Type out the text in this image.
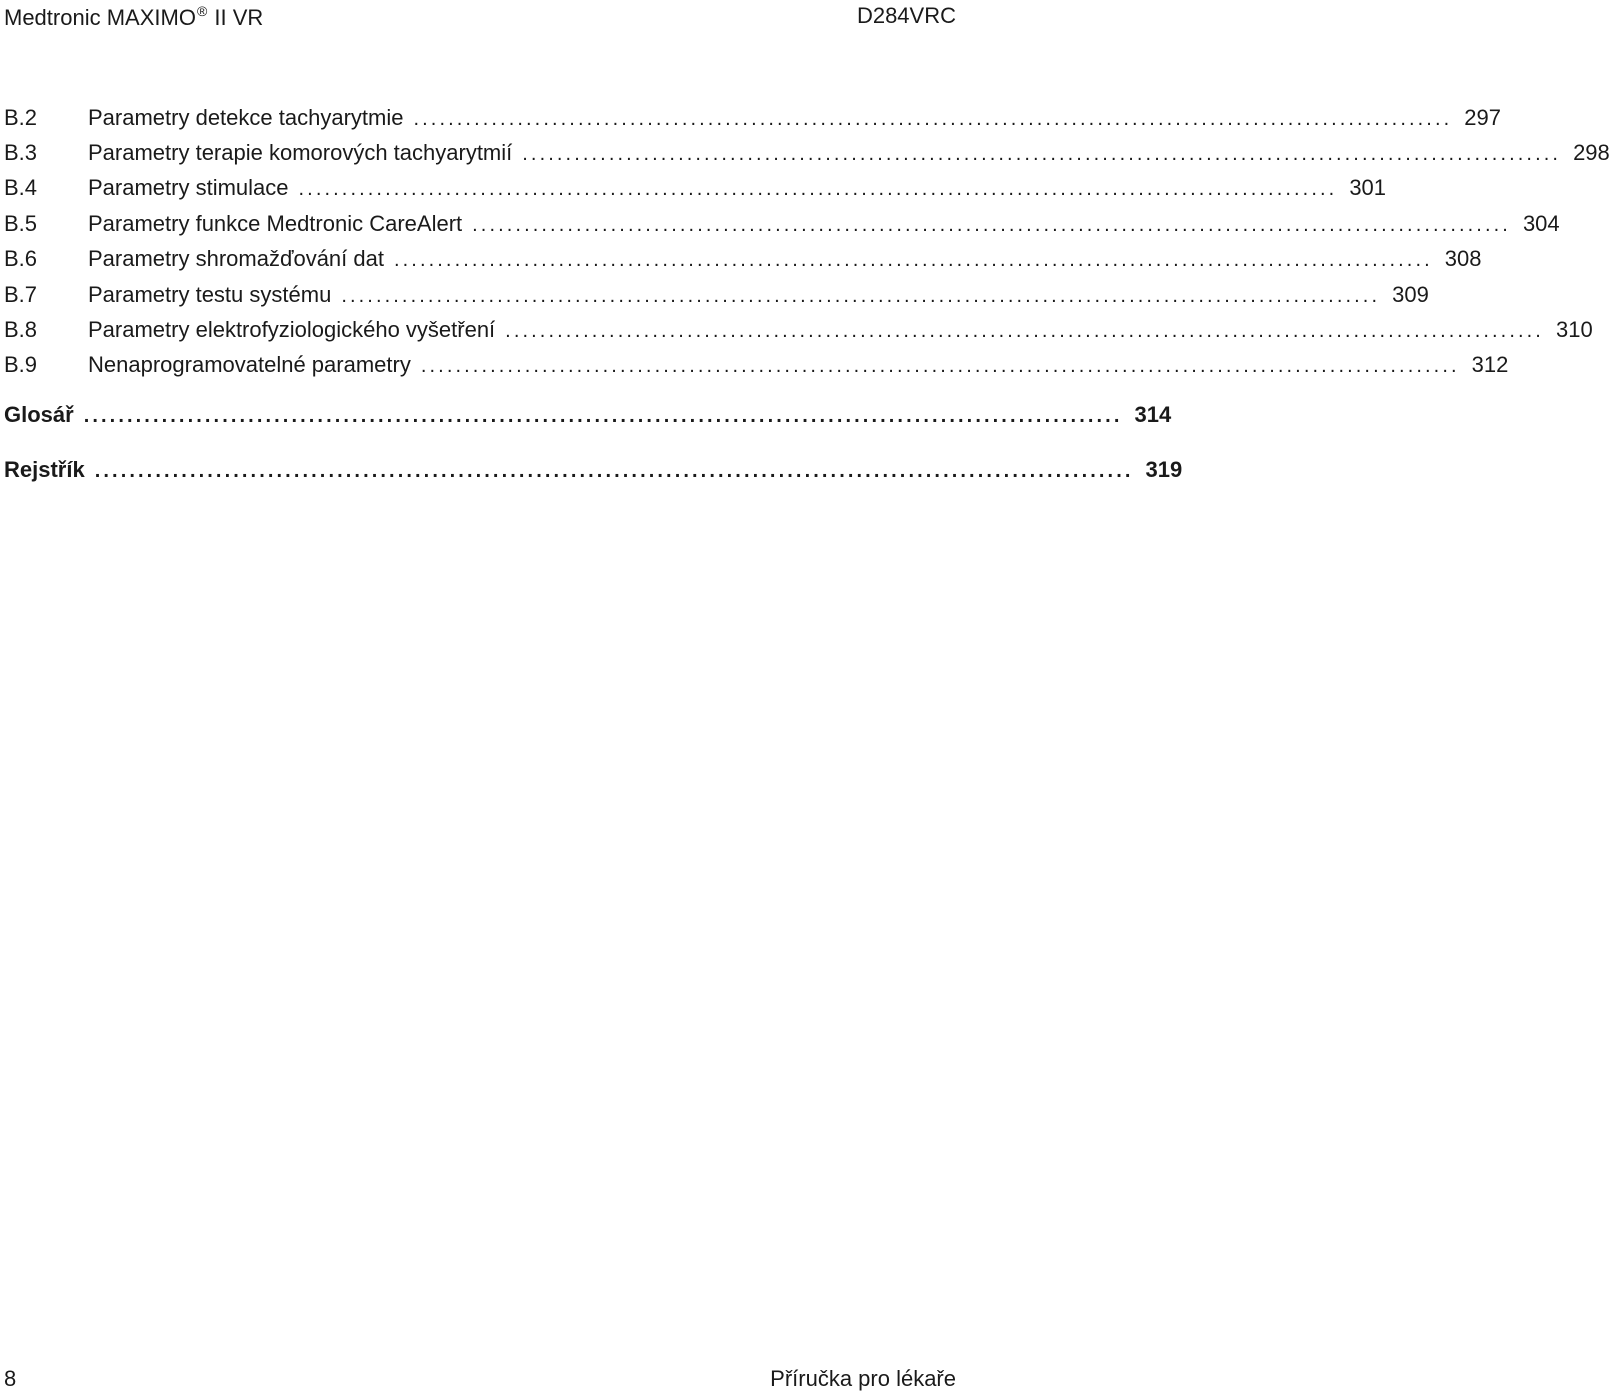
Medtronic MAXIMO® II VR	D284VRC
B.2	Parametry detekce tachyarytmie ........................................................................................................................ 297
B.3	Parametry terapie komorových tachyarytmií ........................................................................................................................ 298
B.4	Parametry stimulace ........................................................................................................................ 301
B.5	Parametry funkce Medtronic CareAlert ........................................................................................................................ 304
B.6	Parametry shromažďování dat ........................................................................................................................ 308
B.7	Parametry testu systému ........................................................................................................................ 309
B.8	Parametry elektrofyziologického vyšetření ........................................................................................................................ 310
B.9	Nenaprogramovatelné parametry ........................................................................................................................ 312
Glosář ........................................................................................................................ 314
Rejstřík ........................................................................................................................ 319
8	Příručka pro lékaře
